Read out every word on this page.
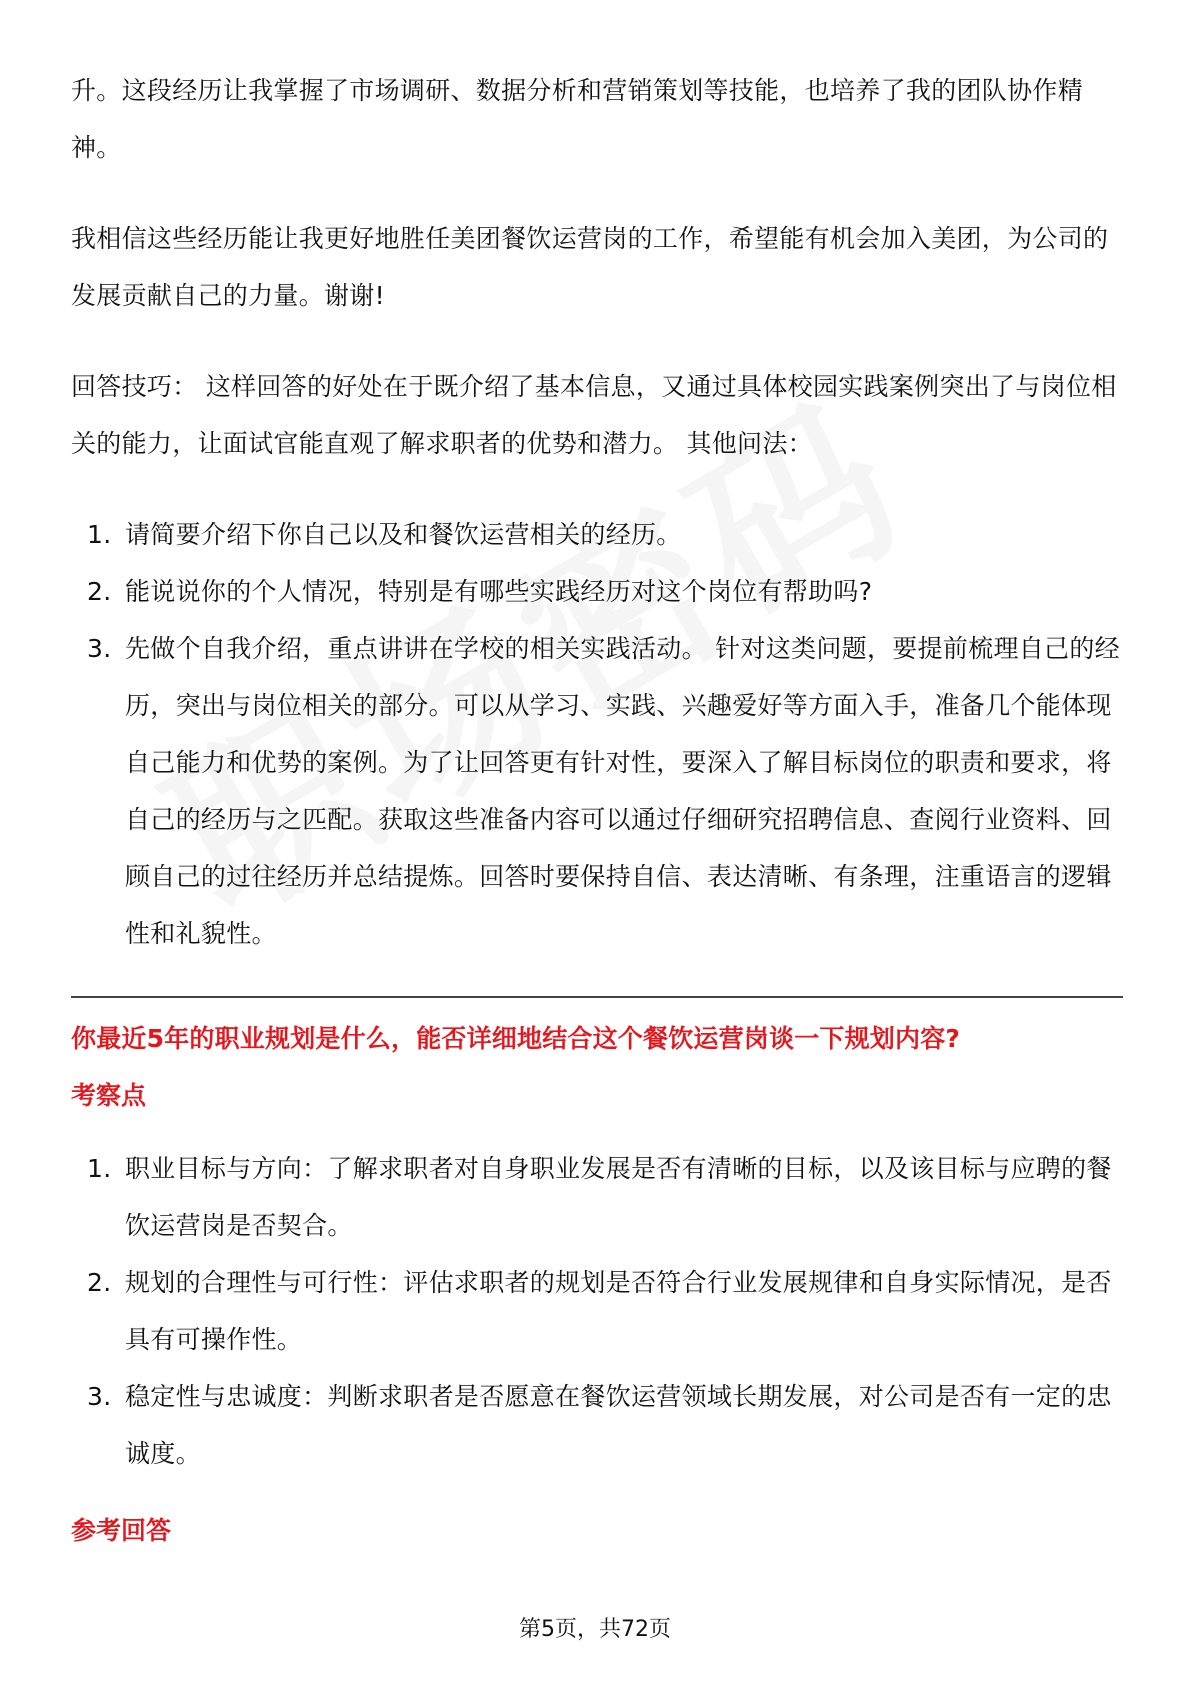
升。这段经历让我掌握了市场调研、数据分析和营销策划等技能，也培养了我的团队协作精神。

我相信这些经历能让我更好地胜任美团餐饮运营岗的工作，希望能有机会加入美团，为公司的发展贡献自己的力量。谢谢!

回答技巧： 这样回答的好处在于既介绍了基本信息，又通过具体校园实践案例突出了与岗位相关的能力，让面试官能直观了解求职者的优势和潜力。 其他问法：

1. 请简要介绍下你自己以及和餐饮运营相关的经历。
2. 能说说你的个人情况，特别是有哪些实践经历对这个岗位有帮助吗?
3. 先做个自我介绍，重点讲讲在学校的相关实践活动。 针对这类问题，要提前梳理自己的经历，突出与岗位相关的部分。可以从学习、实践、兴趣爱好等方面入手，准备几个能体现自己能力和优势的案例。为了让回答更有针对性，要深入了解目标岗位的职责和要求，将自己的经历与之匹配。获取这些准备内容可以通过仔细研究招聘信息、查阅行业资料、回顾自己的过往经历并总结提炼。回答时要保持自信、表达清晰、有条理，注重语言的逻辑性和礼貌性。
你最近5年的职业规划是什么，能否详细地结合这个餐饮运营岗谈一下规划内容?
考察点
1. 职业目标与方向：了解求职者对自身职业发展是否有清晰的目标，以及该目标与应聘的餐饮运营岗是否契合。
2. 规划的合理性与可行性：评估求职者的规划是否符合行业发展规律和自身实际情况，是否具有可操作性。
3. 稳定性与忠诚度：判断求职者是否愿意在餐饮运营领域长期发展，对公司是否有一定的忠诚度。
参考回答
第5页，共72页
